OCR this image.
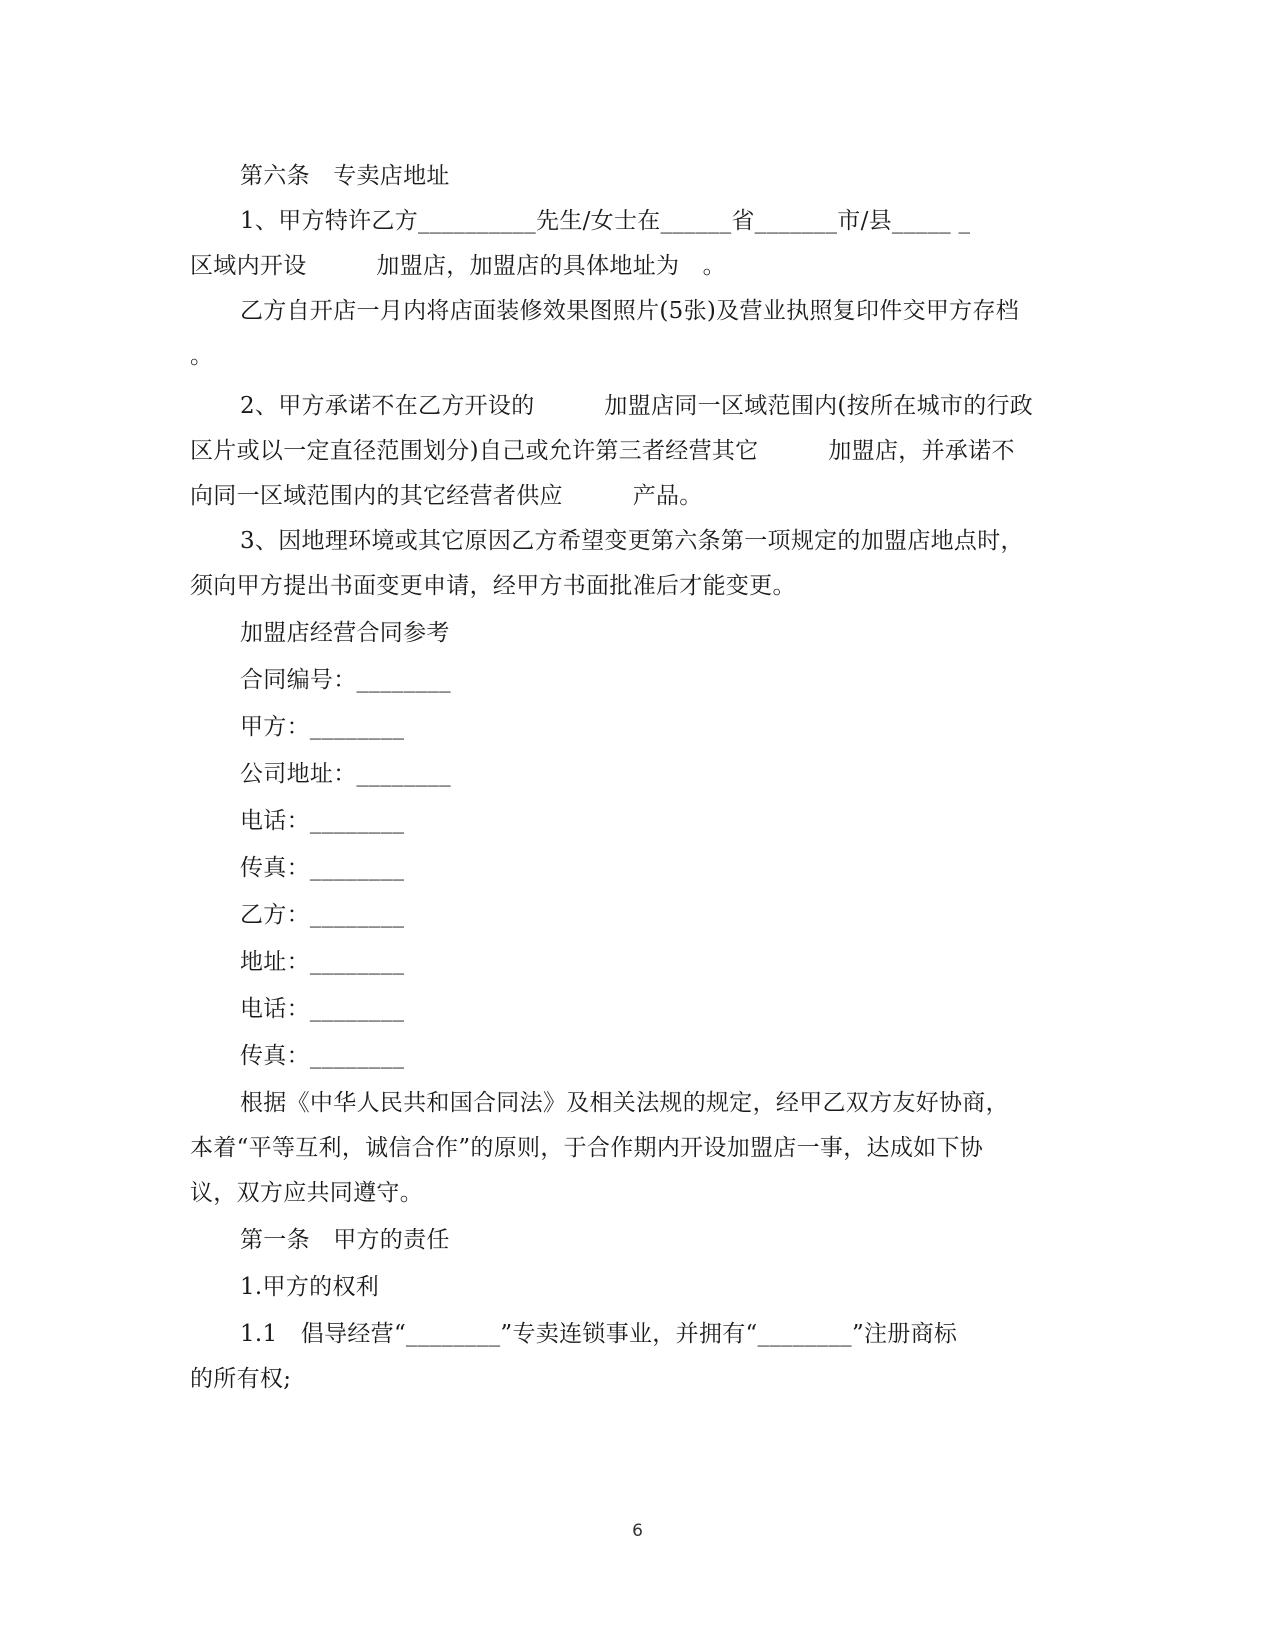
第六条　专卖店地址
1、甲方特许乙方__________先生/女士在______省_______市/县_____ _
区域内开设　　　加盟店，加盟店的具体地址为　。
乙方自开店一月内将店面装修效果图照片(5张)及营业执照复印件交甲方存档
。
2、甲方承诺不在乙方开设的　　　加盟店同一区域范围内(按所在城市的行政
区片或以一定直径范围划分)自己或允许第三者经营其它　　　加盟店，并承诺不
向同一区域范围内的其它经营者供应　　　产品。
3、因地理环境或其它原因乙方希望变更第六条第一项规定的加盟店地点时，
须向甲方提出书面变更申请，经甲方书面批准后才能变更。
加盟店经营合同参考
合同编号：________
甲方：________
公司地址：________
电话：________
传真：________
乙方：________
地址：________
电话：________
传真：________
根据《中华人民共和国合同法》及相关法规的规定，经甲乙双方友好协商，
本着“平等互利，诚信合作”的原则，于合作期内开设加盟店一事，达成如下协
议，双方应共同遵守。
第一条　甲方的责任
1.甲方的权利
1.1　倡导经营“________”专卖连锁事业，并拥有“________”注册商标
的所有权;
6
